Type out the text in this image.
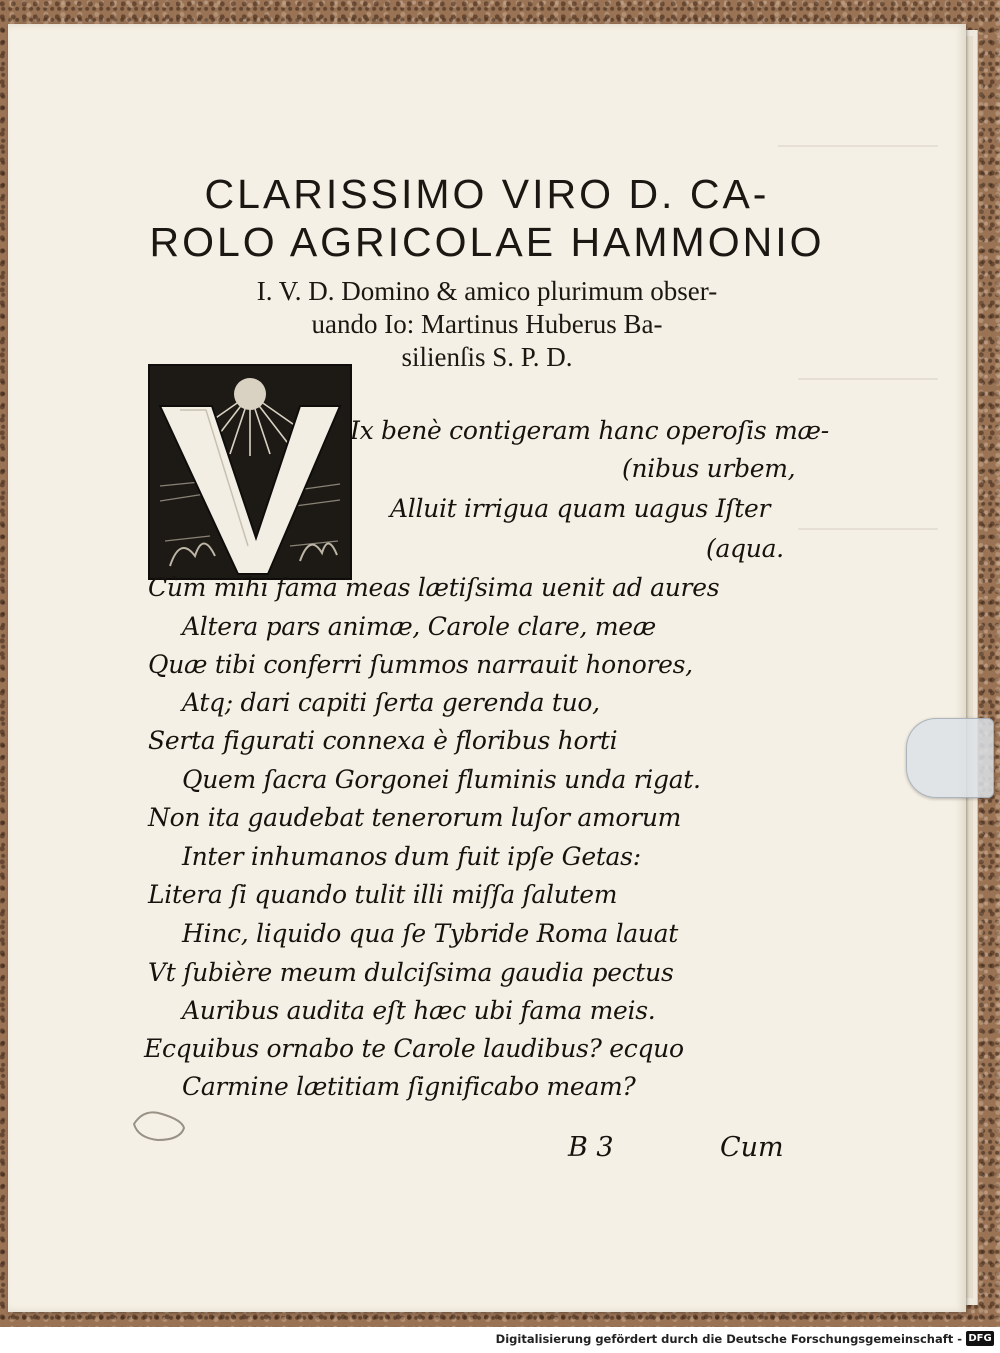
CLARISSIMO VIRO D. CA-
ROLO AGRICOLAE HAMMONIO
I. V. D. Domino & amico plurimum obser-
uando Io: Martinus Huberus Ba-
silienſis S. P. D.
Ix benè contigeram hanc operoſis mæ-
(nibus urbem,
Alluit irrigua quam uagus Iſter
(aqua.
Cùm mihi fama meas lætiſsima uenit ad aures
Altera pars animæ, Carole clare, meæ
Quæ tibi conferri ſummos narrauit honores,
Atq; dari capiti ſerta gerenda tuo,
Serta figurati connexa è floribus horti
Quem ſacra Gorgonei fluminis unda rigat.
Non ita gaudebat tenerorum luſor amorum
Inter inhumanos dum fuit ipſe Getas:
Litera ſi quando tulit illi miſſa ſalutem
Hinc, liquido qua ſe Tybride Roma lauat
Vt ſubière meum dulciſsima gaudia pectus
Auribus audita eſt hæc ubi fama meis.
Ecquibus ornabo te Carole laudibus? ecquo
Carmine lætitiam ſignificabo meam?
B 3	Cum
Digitalisierung gefördert durch die Deutsche Forschungsgemeinschaft - DFG
